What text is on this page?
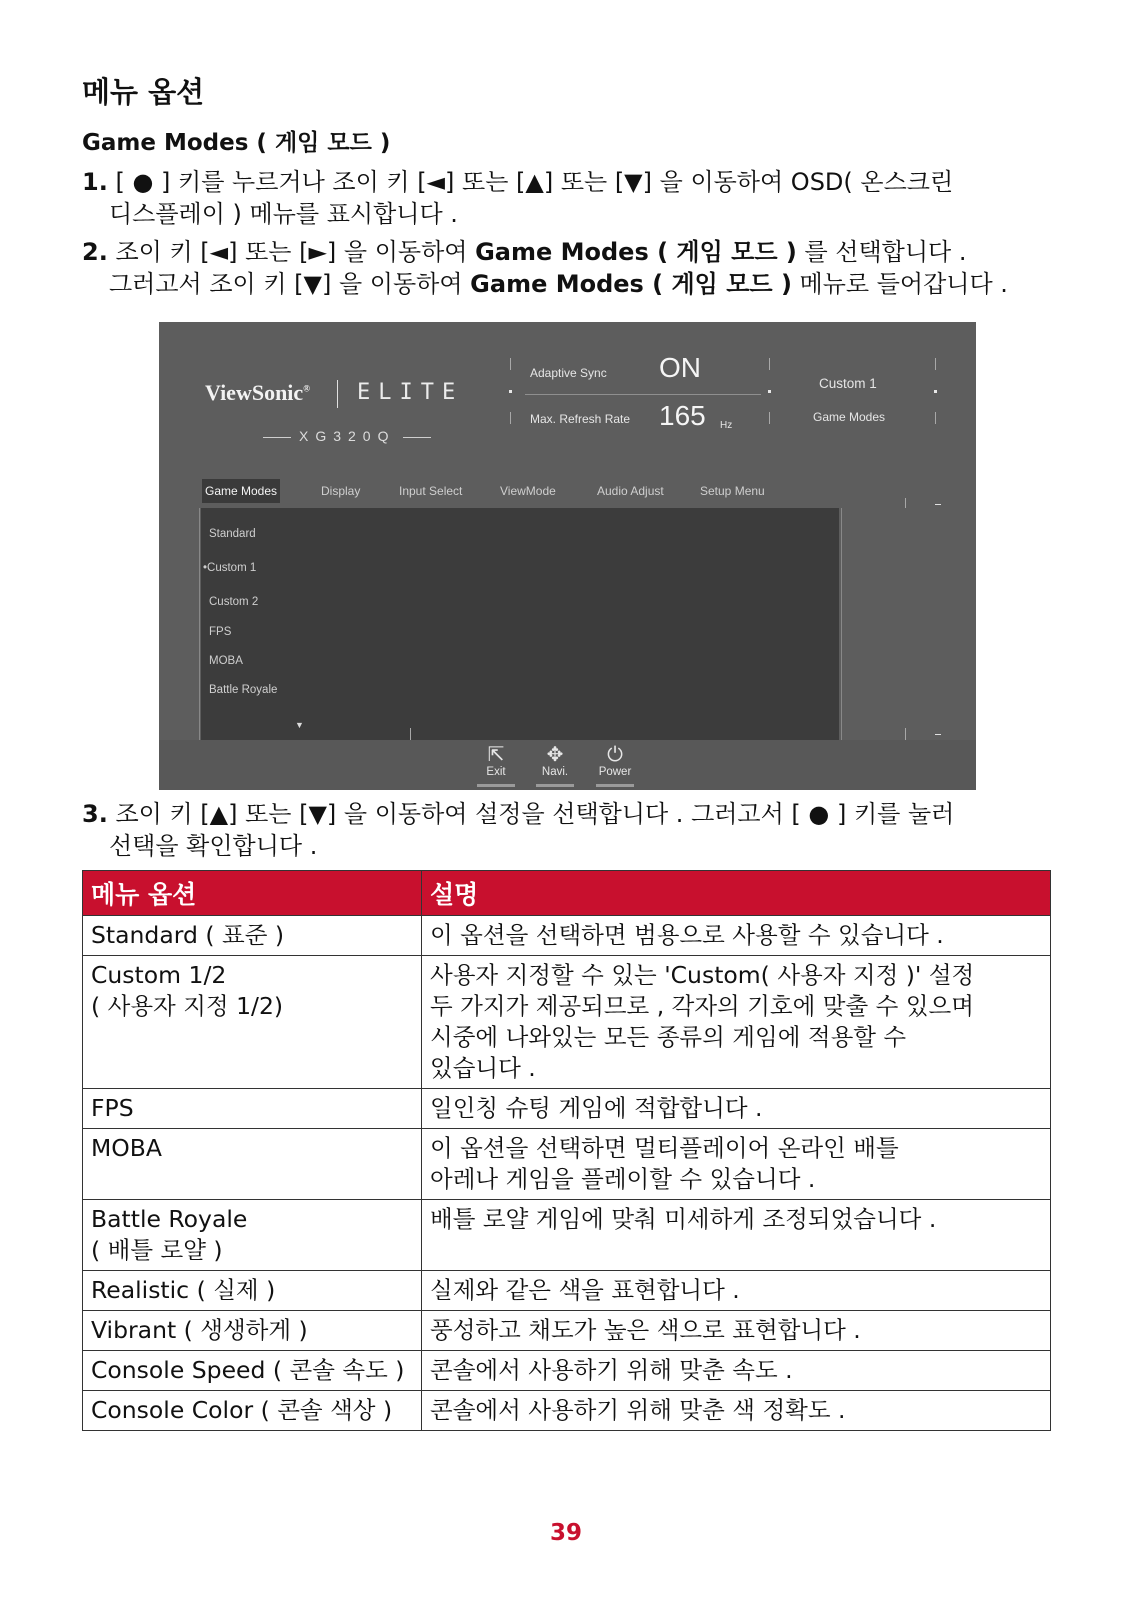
메뉴 옵션
Game Modes ( 게임 모드 )
1. [ ● ] 키를 누르거나 조이 키 [◄] 또는 [▲] 또는 [▼] 을 이동하여 OSD( 온스크린
디스플레이 ) 메뉴를 표시합니다 .
2. 조이 키 [◄] 또는 [►] 을 이동하여 Game Modes ( 게임 모드 ) 를 선택합니다 .
그러고서 조이 키 [▼] 을 이동하여 Game Modes ( 게임 모드 ) 메뉴로 들어갑니다 .
ViewSonic® ELITE
XG320Q
Adaptive Sync ON
Max. Refresh Rate 165 Hz
Custom 1
Game Modes
Game Modes	Display	Input Select	ViewMode	Audio Adjust	Setup Menu
Standard
•Custom 1
Custom 2
FPS
MOBA
Battle Royale
▼
⇱
Exit
✥
Navi.
⏻
Power
3. 조이 키 [▲] 또는 [▼] 을 이동하여 설정을 선택합니다 . 그러고서 [ ● ] 키를 눌러
선택을 확인합니다 .
메뉴 옵션	설명
Standard ( 표준 )	이 옵션을 선택하면 범용으로 사용할 수 있습니다 .
Custom 1/2
( 사용자 지정 1/2)	사용자 지정할 수 있는 'Custom( 사용자 지정 )' 설정
두 가지가 제공되므로 , 각자의 기호에 맞출 수 있으며
시중에 나와있는 모든 종류의 게임에 적용할 수
있습니다 .
FPS	일인칭 슈팅 게임에 적합합니다 .
MOBA	이 옵션을 선택하면 멀티플레이어 온라인 배틀
아레나 게임을 플레이할 수 있습니다 .
Battle Royale
( 배틀 로얄 )	배틀 로얄 게임에 맞춰 미세하게 조정되었습니다 .
Realistic ( 실제 )	실제와 같은 색을 표현합니다 .
Vibrant ( 생생하게 )	풍성하고 채도가 높은 색으로 표현합니다 .
Console Speed ( 콘솔 속도 )	콘솔에서 사용하기 위해 맞춘 속도 .
Console Color ( 콘솔 색상 )	콘솔에서 사용하기 위해 맞춘 색 정확도 .
39
